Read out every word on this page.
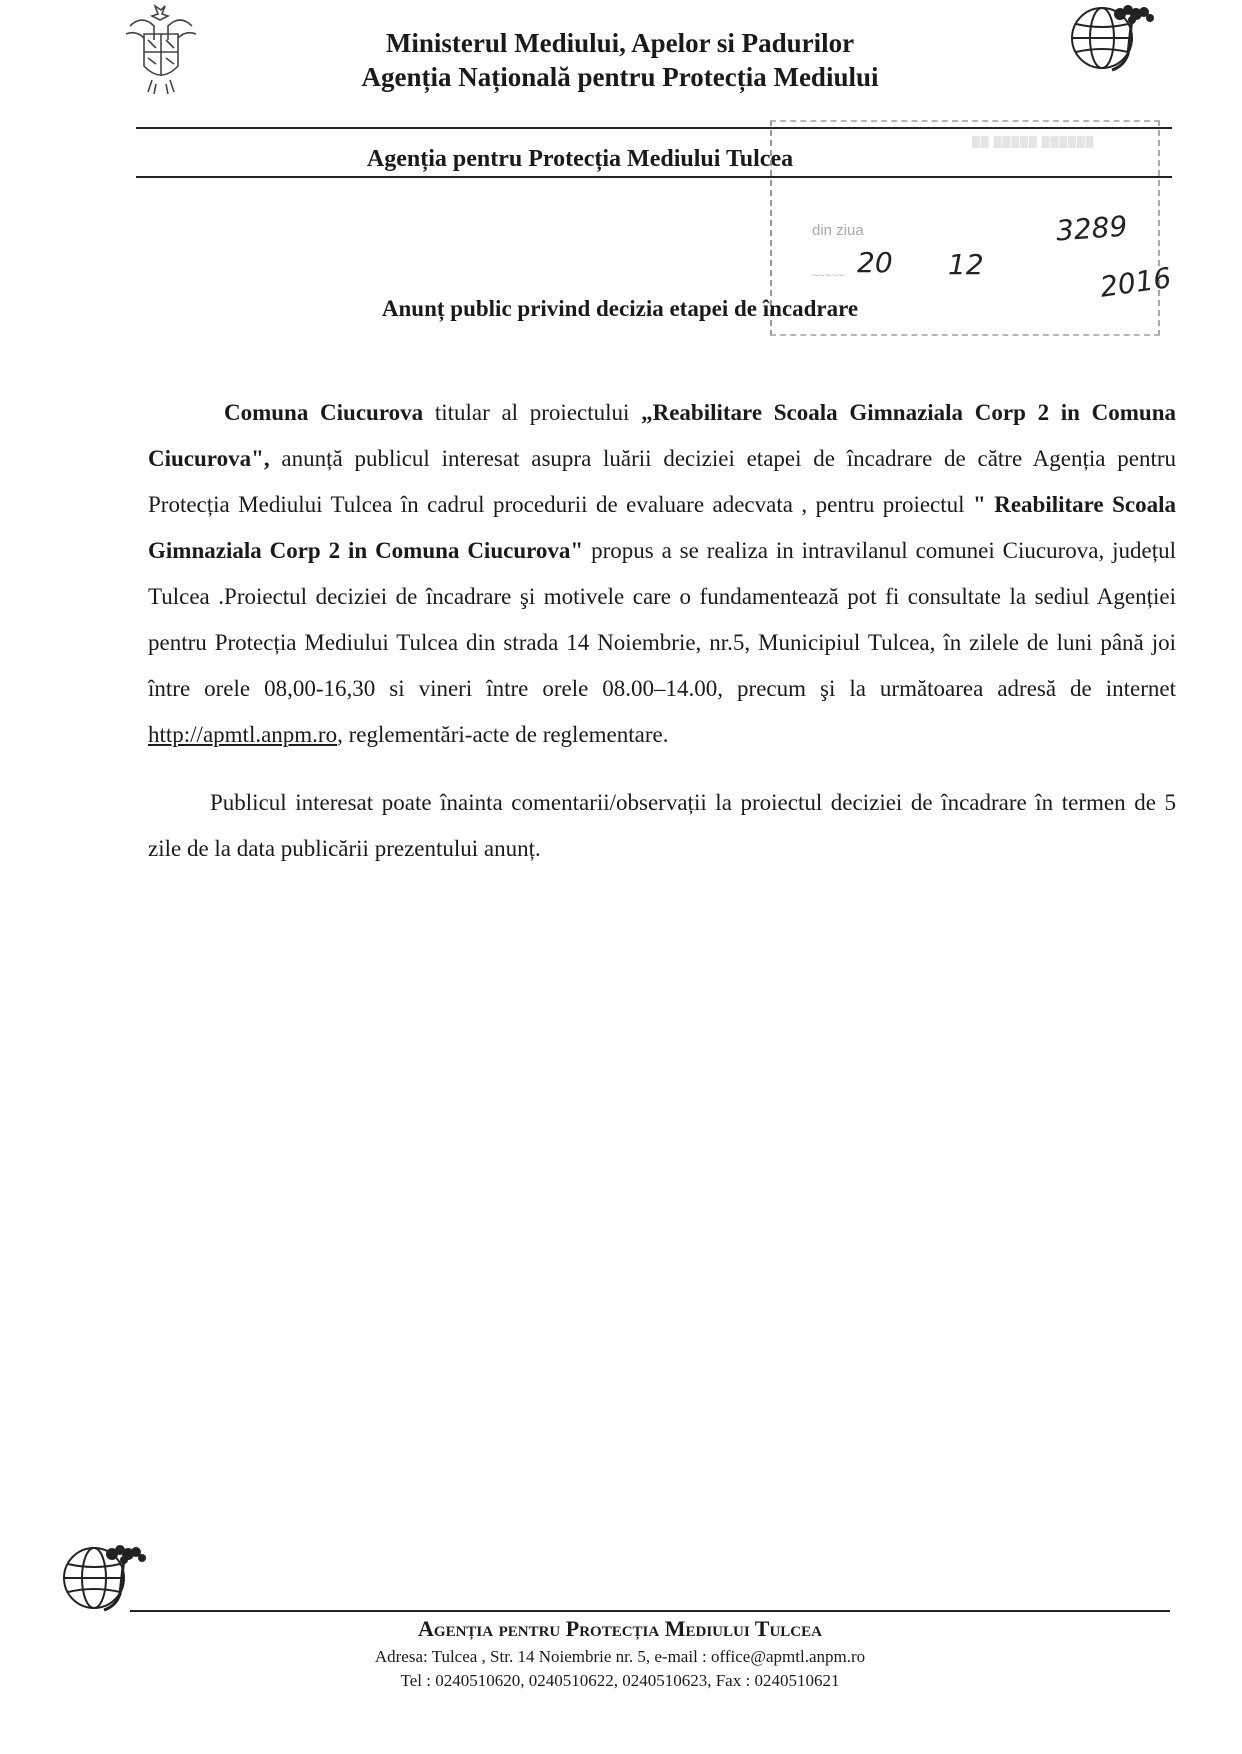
Ministerul Mediului, Apelor si Padurilor
Agenția Națională pentru Protecția Mediului
Agenția pentru Protecția Mediului Tulcea
▒▒ ▒▒▒▒▒ ▒▒▒▒▒▒
din ziua
~~~~~
3289
20 12	2016
Anunț public privind decizia etapei de încadrare

Comuna Ciucurova titular al proiectului „Reabilitare Scoala Gimnaziala Corp 2 in Comuna Ciucurova", anunță publicul interesat asupra luării deciziei etapei de încadrare de către Agenția pentru Protecția Mediului Tulcea în cadrul procedurii de evaluare adecvata , pentru proiectul " Reabilitare Scoala Gimnaziala Corp 2 in Comuna Ciucurova" propus a se realiza in intravilanul comunei Ciucurova, județul Tulcea .Proiectul deciziei de încadrare şi motivele care o fundamentează pot fi consultate la sediul Agenției pentru Protecția Mediului Tulcea din strada 14 Noiembrie, nr.5, Municipiul Tulcea, în zilele de luni până joi între orele 08,00-16,30 si vineri între orele 08.00–14.00, precum şi la următoarea adresă de internet http://apmtl.anpm.ro, reglementări-acte de reglementare.

Publicul interesat poate înainta comentarii/observații la proiectul deciziei de încadrare în termen de 5 zile de la data publicării prezentului anunț.

Agenția pentru Protecția Mediului Tulcea
Adresa: Tulcea , Str. 14 Noiembrie nr. 5, e-mail : office@apmtl.anpm.ro
Tel : 0240510620, 0240510622, 0240510623, Fax : 0240510621
